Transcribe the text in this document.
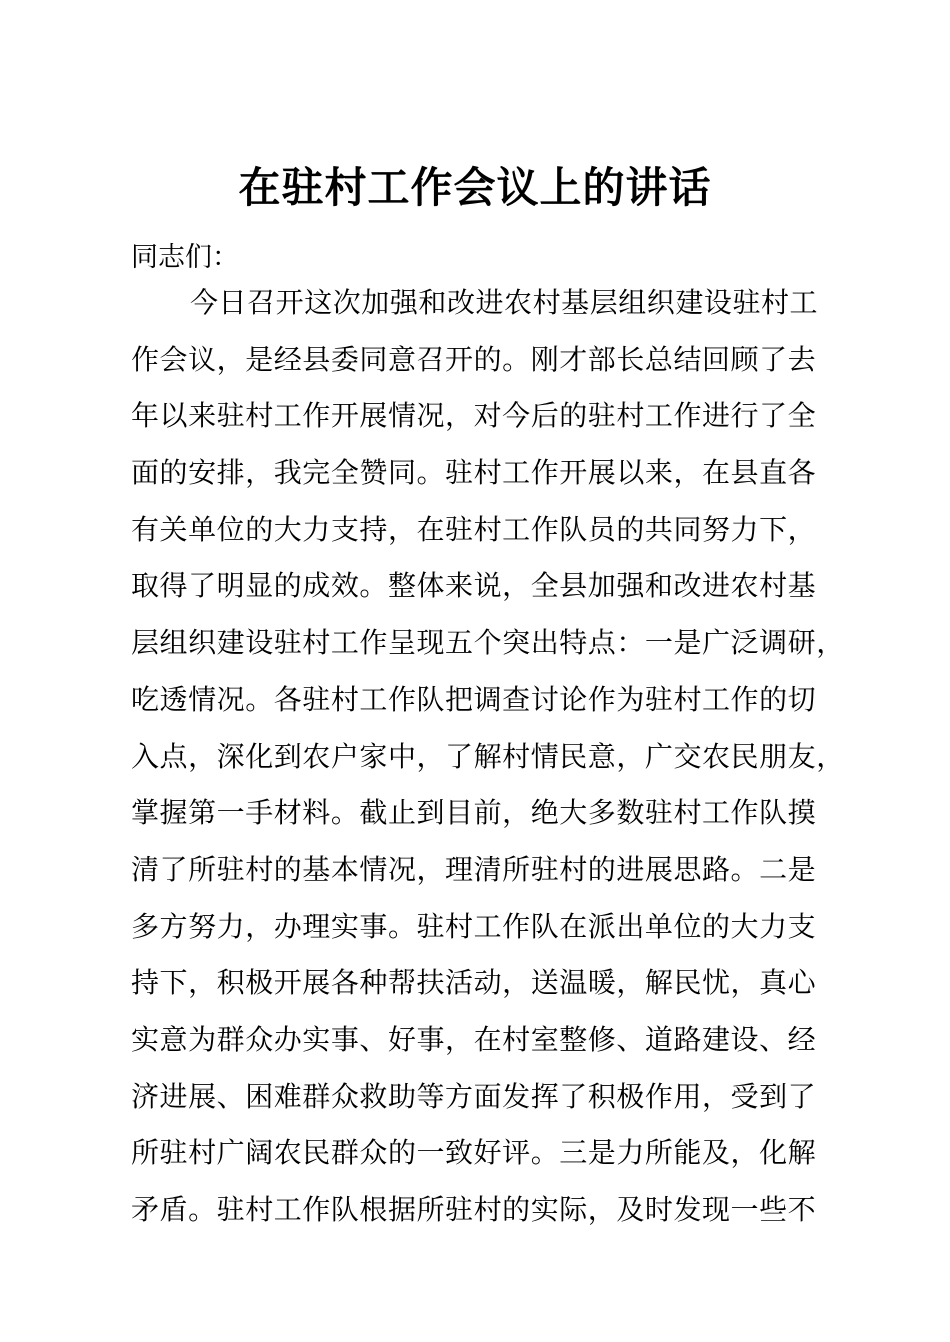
在驻村工作会议上的讲话
同志们：
今日召开这次加强和改进农村基层组织建设驻村工
作会议，是经县委同意召开的。刚才部长总结回顾了去
年以来驻村工作开展情况，对今后的驻村工作进行了全
面的安排，我完全赞同。驻村工作开展以来，在县直各
有关单位的大力支持，在驻村工作队员的共同努力下，
取得了明显的成效。整体来说，全县加强和改进农村基
层组织建设驻村工作呈现五个突出特点：一是广泛调研，
吃透情况。各驻村工作队把调查讨论作为驻村工作的切
入点，深化到农户家中，了解村情民意，广交农民朋友，
掌握第一手材料。截止到目前，绝大多数驻村工作队摸
清了所驻村的基本情况，理清所驻村的进展思路。二是
多方努力，办理实事。驻村工作队在派出单位的大力支
持下，积极开展各种帮扶活动，送温暖，解民忧，真心
实意为群众办实事、好事，在村室整修、道路建设、经
济进展、困难群众救助等方面发挥了积极作用，受到了
所驻村广阔农民群众的一致好评。三是力所能及，化解
矛盾。驻村工作队根据所驻村的实际，及时发现一些不
